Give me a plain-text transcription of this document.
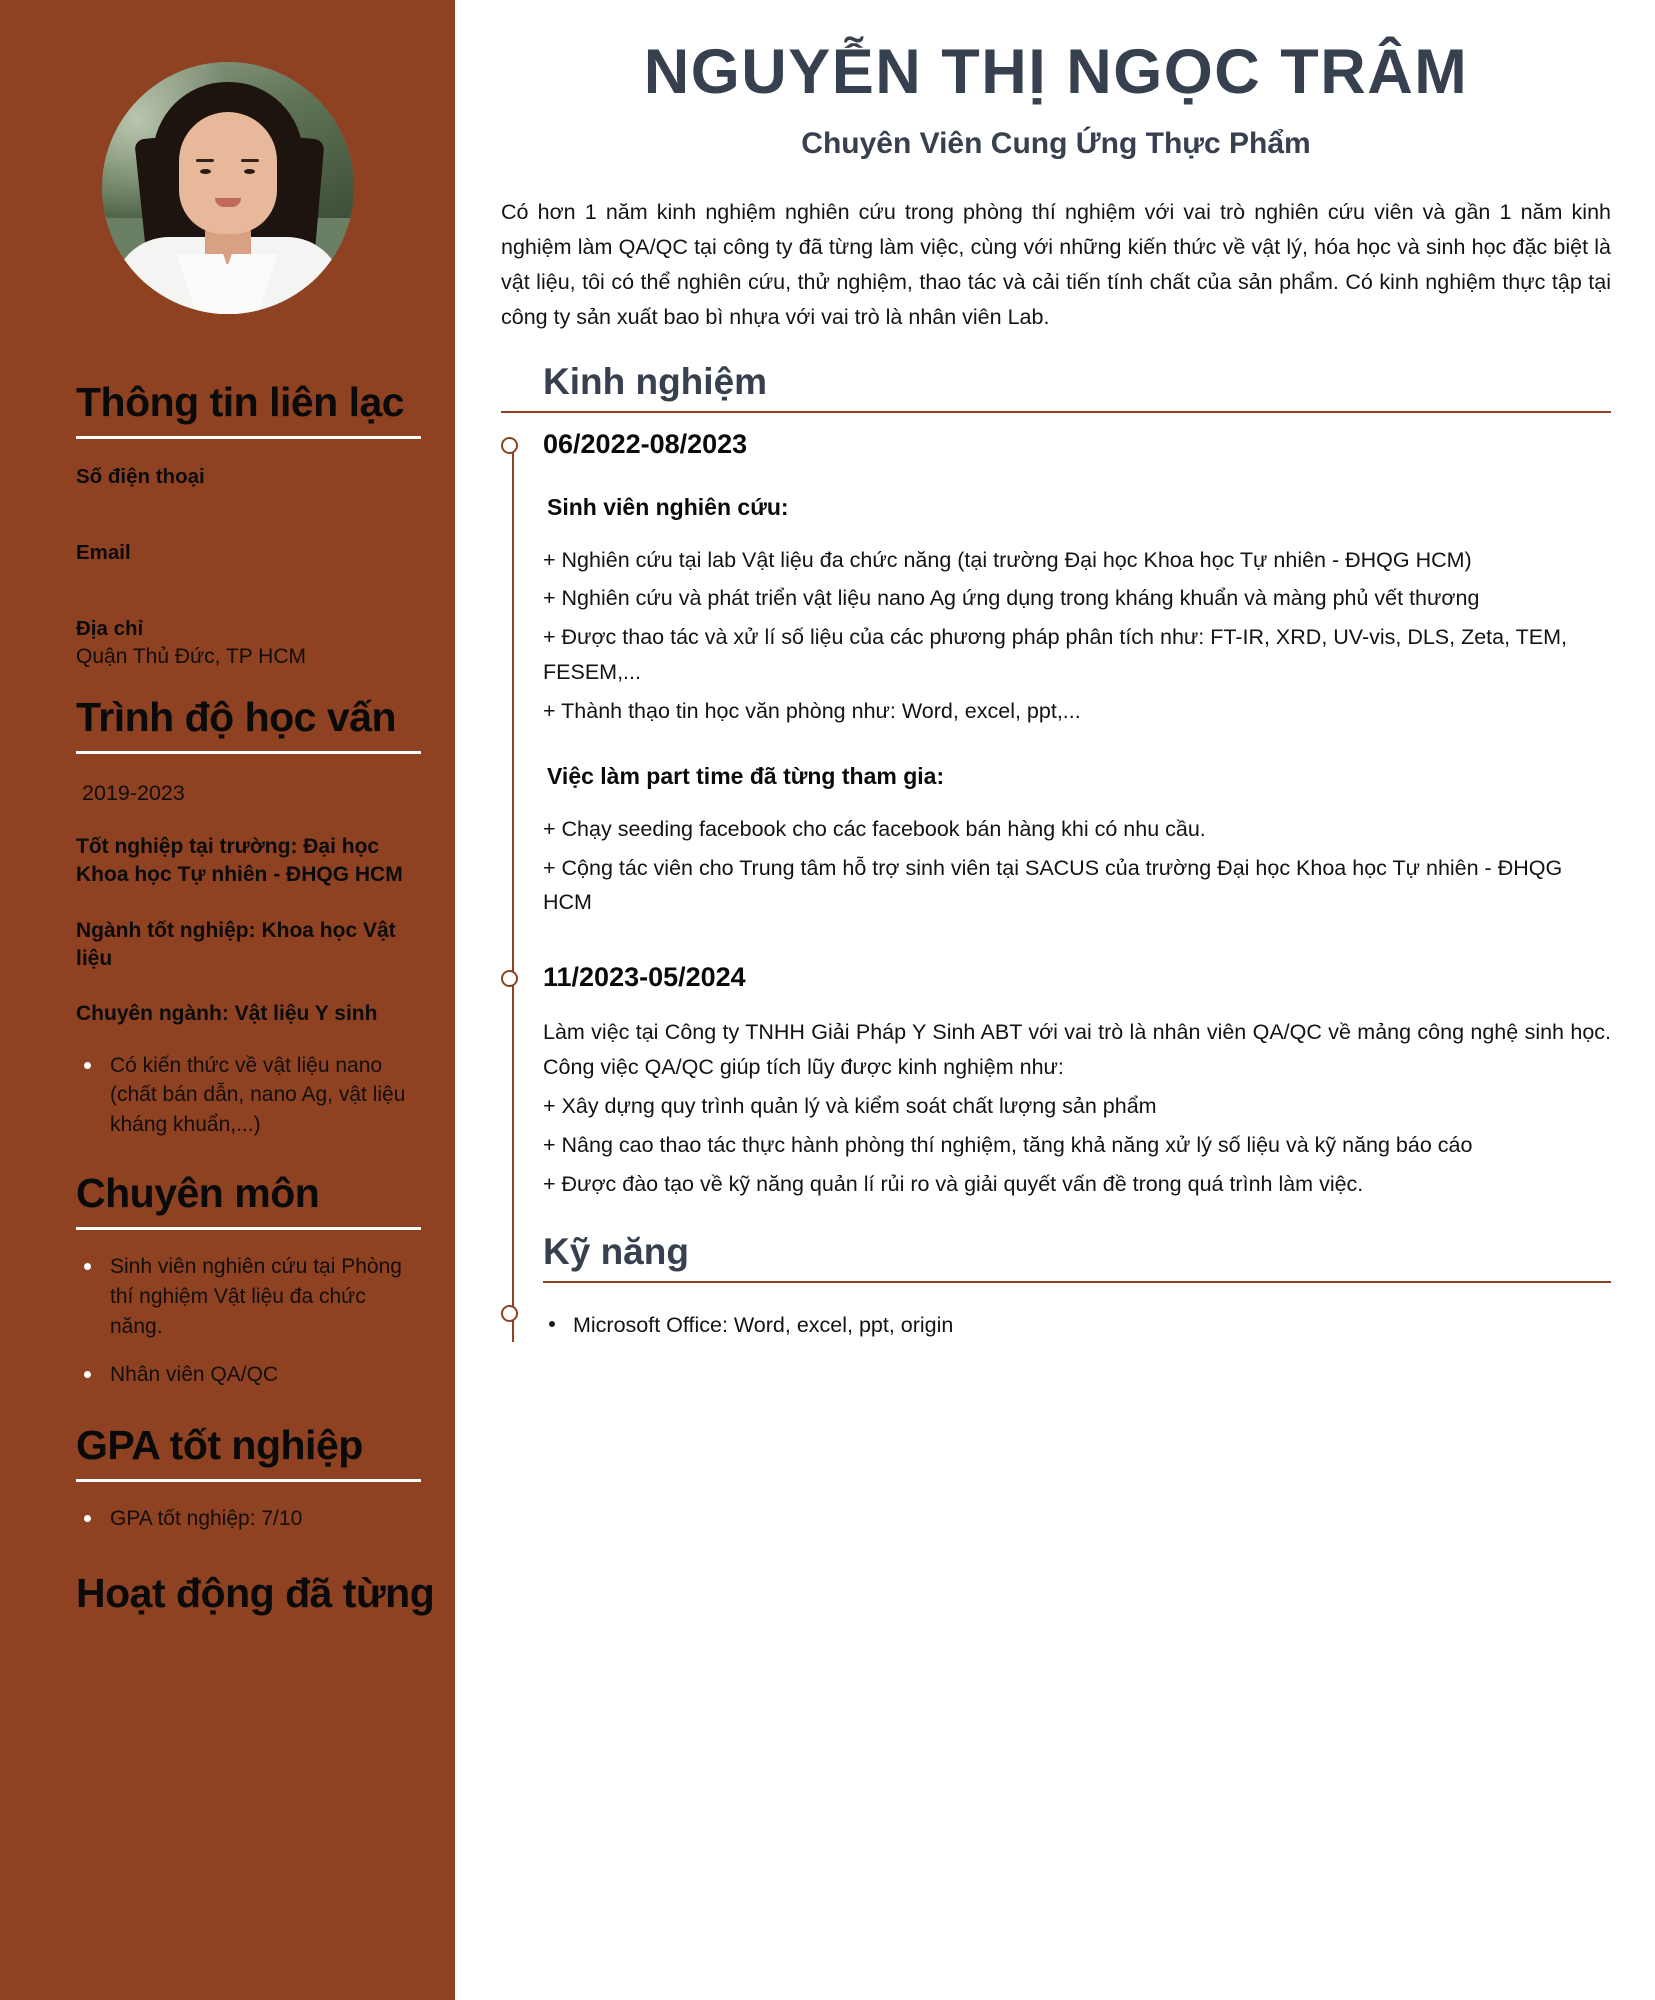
Thông tin liên lạc
Số điện thoại
Email
Địa chỉ
Quận Thủ Đức, TP HCM
Trình độ học vấn
2019-2023
Tốt nghiệp tại trường: Đại học Khoa học Tự nhiên - ĐHQG HCM
Ngành tốt nghiệp: Khoa học Vật liệu
Chuyên ngành: Vật liệu Y sinh
Có kiến thức về vật liệu nano (chất bán dẫn, nano Ag, vật liệu kháng khuẩn,...)
Chuyên môn
Sinh viên nghiên cứu tại Phòng thí nghiệm Vật liệu đa chức năng.
Nhân viên QA/QC
GPA tốt nghiệp
GPA tốt nghiệp: 7/10
Hoạt động đã từng
NGUYỄN THỊ NGỌC TRÂM
Chuyên Viên Cung Ứng Thực Phẩm

Có hơn 1 năm kinh nghiệm nghiên cứu trong phòng thí nghiệm với vai trò nghiên cứu viên và gần 1 năm kinh nghiệm làm QA/QC tại công ty đã từng làm việc, cùng với những kiến thức về vật lý, hóa học và sinh học đặc biệt là vật liệu, tôi có thể nghiên cứu, thử nghiệm, thao tác và cải tiến tính chất của sản phẩm. Có kinh nghiệm thực tập tại công ty sản xuất bao bì nhựa với vai trò là nhân viên Lab.

Kinh nghiệm
06/2022-08/2023
Sinh viên nghiên cứu:
+ Nghiên cứu tại lab Vật liệu đa chức năng (tại trường Đại học Khoa học Tự nhiên - ĐHQG HCM)
+ Nghiên cứu và phát triển vật liệu nano Ag ứng dụng trong kháng khuẩn và màng phủ vết thương
+ Được thao tác và xử lí số liệu của các phương pháp phân tích như: FT-IR, XRD, UV-vis, DLS, Zeta, TEM, FESEM,...
+ Thành thạo tin học văn phòng như: Word, excel, ppt,...
Việc làm part time đã từng tham gia:
+ Chạy seeding facebook cho các facebook bán hàng khi có nhu cầu.
+ Cộng tác viên cho Trung tâm hỗ trợ sinh viên tại SACUS của trường Đại học Khoa học Tự nhiên - ĐHQG HCM
11/2023-05/2024
Làm việc tại Công ty TNHH Giải Pháp Y Sinh ABT với vai trò là nhân viên QA/QC về mảng công nghệ sinh học. Công việc QA/QC giúp tích lũy được kinh nghiệm như:
+ Xây dựng quy trình quản lý và kiểm soát chất lượng sản phẩm
+ Nâng cao thao tác thực hành phòng thí nghiệm, tăng khả năng xử lý số liệu và kỹ năng báo cáo
+ Được đào tạo về kỹ năng quản lí rủi ro và giải quyết vấn đề trong quá trình làm việc.
Kỹ năng
Microsoft Office: Word, excel, ppt, origin
